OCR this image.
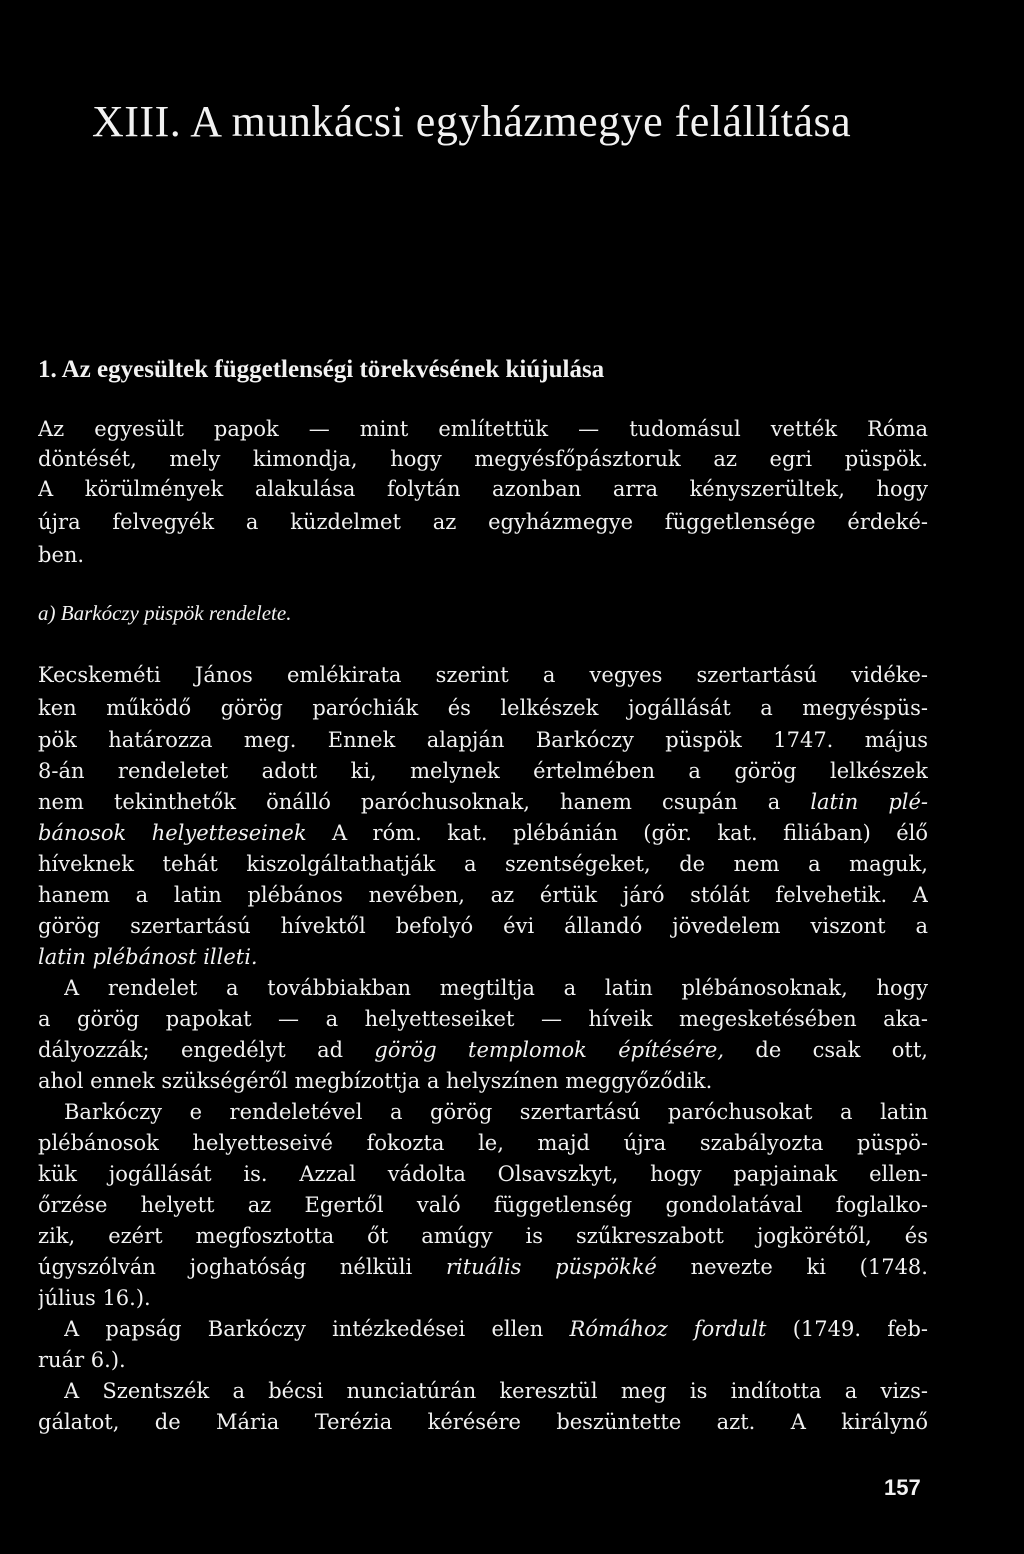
XIII. A munkácsi egyházmegye felállítása
1. Az egyesültek függetlenségi törekvésének kiújulása
Az egyesült papok — mint említettük — tudomásul vették Róma
döntését, mely kimondja, hogy megyésfőpásztoruk az egri püspök.
A körülmények alakulása folytán azonban arra kényszerültek, hogy
újra felvegyék a küzdelmet az egyházmegye függetlensége érdeké-
ben.
a) Barkóczy püspök rendelete.
Kecskeméti János emlékirata szerint a vegyes szertartású vidéke-
ken működő görög paróchiák és lelkészek jogállását a megyéspüs-
pök határozza meg. Ennek alapján Barkóczy püspök 1747. május
8-án rendeletet adott ki, melynek értelmében a görög lelkészek
nem tekinthetők önálló paróchusoknak, hanem csupán a latin plé-
bánosok helyetteseinek A róm. kat. plébánián (gör. kat. filiában) élő
híveknek tehát kiszolgáltathatják a szentségeket, de nem a maguk,
hanem a latin plébános nevében, az értük járó stólát felvehetik. A
görög szertartású hívektől befolyó évi állandó jövedelem viszont a
latin plébánost illeti.
A rendelet a továbbiakban megtiltja a latin plébánosoknak, hogy
a görög papokat — a helyetteseiket — híveik megesketésében aka-
dályozzák; engedélyt ad görög templomok építésére, de csak ott,
ahol ennek szükségéről megbízottja a helyszínen meggyőződik.
Barkóczy e rendeletével a görög szertartású paróchusokat a latin
plébánosok helyetteseivé fokozta le, majd újra szabályozta püspö-
kük jogállását is. Azzal vádolta Olsavszkyt, hogy papjainak ellen-
őrzése helyett az Egertől való függetlenség gondolatával foglalko-
zik, ezért megfosztotta őt amúgy is szűkreszabott jogkörétől, és
úgyszólván joghatóság nélküli rituális püspökké nevezte ki (1748.
július 16.).
A papság Barkóczy intézkedései ellen Rómához fordult (1749. feb-
ruár 6.).
A Szentszék a bécsi nunciatúrán keresztül meg is indította a vizs-
gálatot, de Mária Terézia kérésére beszüntette azt. A királynő
157
